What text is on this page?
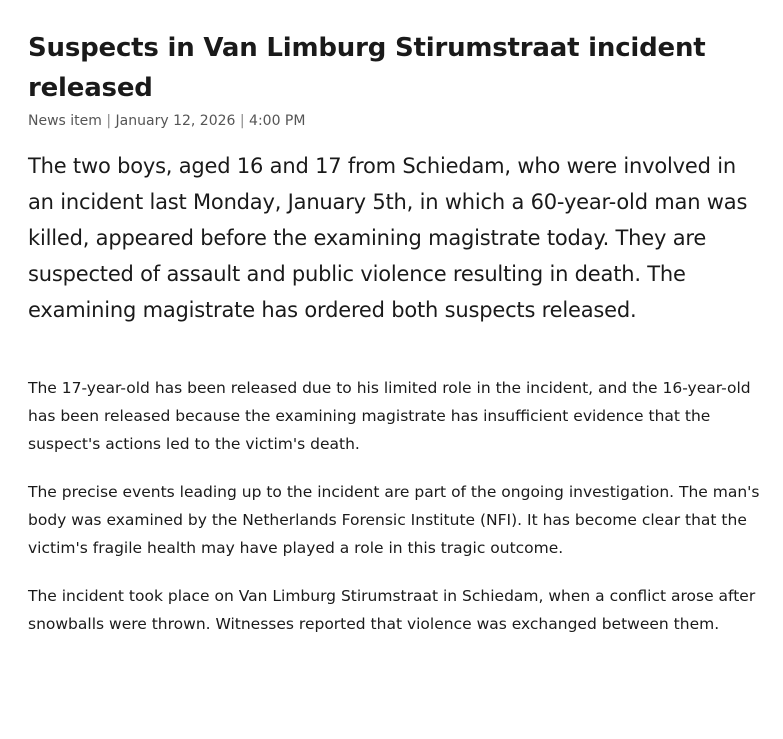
Suspects in Van Limburg Stirumstraat incident released
News item | January 12, 2026 | 4:00 PM

The two boys, aged 16 and 17 from Schiedam, who were involved in an incident last Monday, January 5th, in which a 60-year-old man was killed, appeared before the examining magistrate today. They are suspected of assault and public violence resulting in death. The examining magistrate has ordered both suspects released.

The 17-year-old has been released due to his limited role in the incident, and the 16-year-old has been released because the examining magistrate has insufficient evidence that the suspect's actions led to the victim's death.

The precise events leading up to the incident are part of the ongoing investigation. The man's body was examined by the Netherlands Forensic Institute (NFI). It has become clear that the victim's fragile health may have played a role in this tragic outcome.

The incident took place on Van Limburg Stirumstraat in Schiedam, when a conflict arose after snowballs were thrown. Witnesses reported that violence was exchanged between them.
